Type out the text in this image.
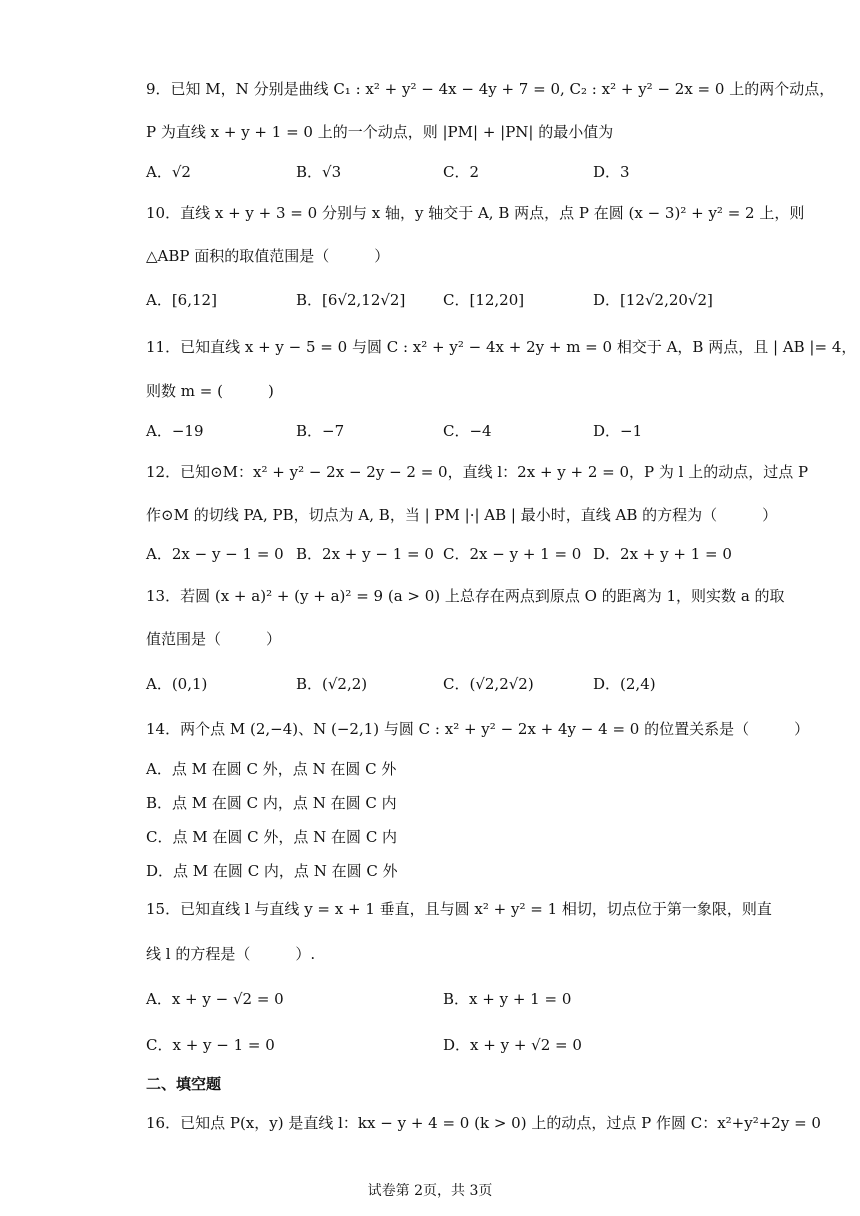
9．已知 M，N 分别是曲线 C₁ : x² + y² − 4x − 4y + 7 = 0, C₂ : x² + y² − 2x = 0 上的两个动点，
P 为直线 x + y + 1 = 0 上的一个动点，则 |PM| + |PN| 的最小值为
A．√2	B．√3	C．2	D．3
10．直线 x + y + 3 = 0 分别与 x 轴，y 轴交于 A, B 两点，点 P 在圆 (x − 3)² + y² = 2 上，则
△ABP 面积的取值范围是（　　　）
A．[6,12]	B．[6√2,12√2]	C．[12,20]	D．[12√2,20√2]
11．已知直线 x + y − 5 = 0 与圆 C : x² + y² − 4x + 2y + m = 0 相交于 A，B 两点，且 | AB |= 4，
则数 m = (　　　)
A．−19	B．−7	C．−4	D．−1
12．已知⊙M：x² + y² − 2x − 2y − 2 = 0，直线 l：2x + y + 2 = 0，P 为 l 上的动点，过点 P
作⊙M 的切线 PA, PB，切点为 A, B，当 | PM |·| AB | 最小时，直线 AB 的方程为（　　　）
A．2x − y − 1 = 0 B．2x + y − 1 = 0 C．2x − y + 1 = 0 D．2x + y + 1 = 0
13．若圆 (x + a)² + (y + a)² = 9 (a > 0) 上总存在两点到原点 O 的距离为 1，则实数 a 的取
值范围是（　　　）
A．(0,1)	B．(√2,2)	C．(√2,2√2)	D．(2,4)
14．两个点 M (2,−4)、N (−2,1) 与圆 C : x² + y² − 2x + 4y − 4 = 0 的位置关系是（　　　）
A．点 M 在圆 C 外，点 N 在圆 C 外
B．点 M 在圆 C 内，点 N 在圆 C 内
C．点 M 在圆 C 外，点 N 在圆 C 内
D．点 M 在圆 C 内，点 N 在圆 C 外
15．已知直线 l 与直线 y = x + 1 垂直，且与圆 x² + y² = 1 相切，切点位于第一象限，则直
线 l 的方程是（　　　）.
A．x + y − √2 = 0	B．x + y + 1 = 0
C．x + y − 1 = 0	D．x + y + √2 = 0
二、填空题
16．已知点 P(x，y) 是直线 l：kx − y + 4 = 0 (k > 0) 上的动点，过点 P 作圆 C：x²+y²+2y = 0
试卷第 2页，共 3页
